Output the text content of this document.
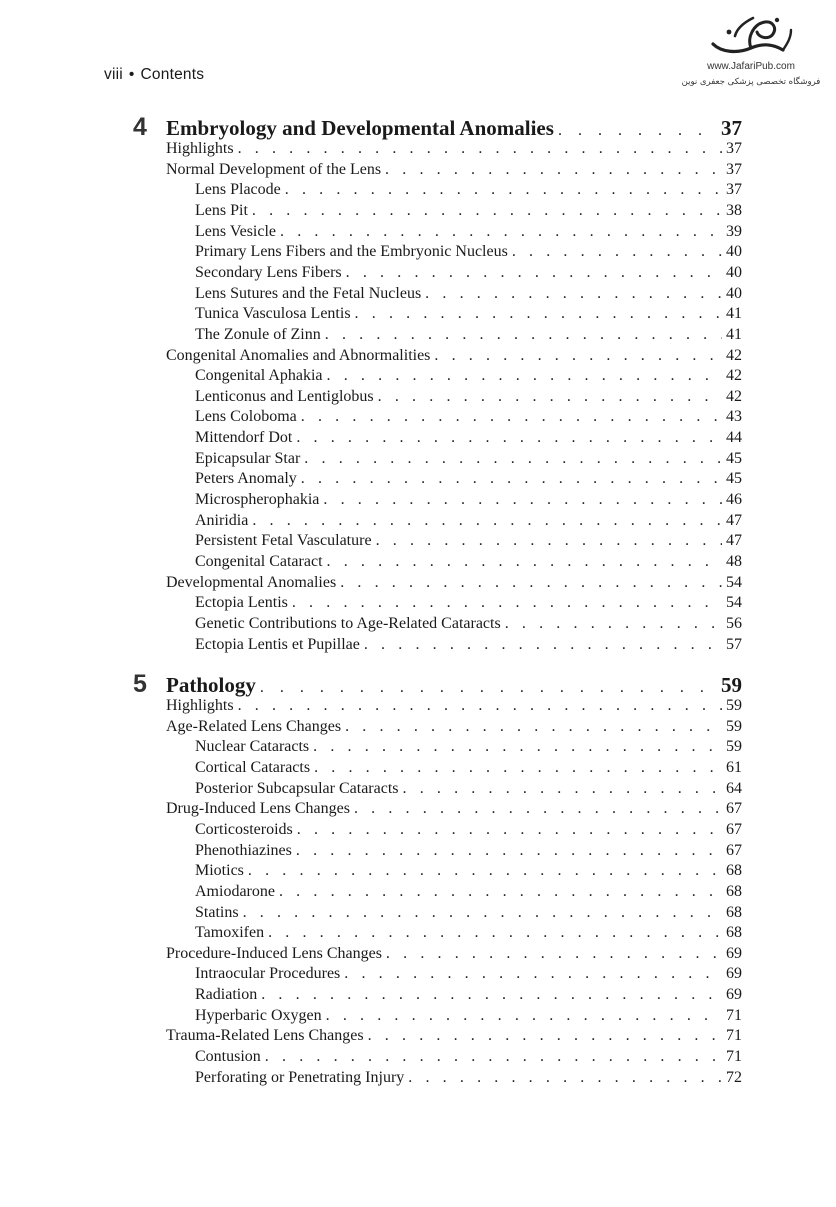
viii • Contents	www.JafariPub.com
فروشگاه تخصصی پزشکی جعفری نوین
4 Embryology and Developmental Anomalies . . .	37
Highlights . . .	37
Normal Development of the Lens . . .	37
Lens Placode . . .	37
Lens Pit . . .	38
Lens Vesicle . . .	39
Primary Lens Fibers and the Embryonic Nucleus . . .	40
Secondary Lens Fibers . . .	40
Lens Sutures and the Fetal Nucleus . . .	40
Tunica Vasculosa Lentis . . .	41
The Zonule of Zinn . . .	41
Congenital Anomalies and Abnormalities . . .	42
Congenital Aphakia . . .	42
Lenticonus and Lentiglobus . . .	42
Lens Coloboma . . .	43
Mittendorf Dot . . .	44
Epicapsular Star . . .	45
Peters Anomaly . . .	45
Microspherophakia . . .	46
Aniridia . . .	47
Persistent Fetal Vasculature . . .	47
Congenital Cataract . . .	48
Developmental Anomalies . . .	54
Ectopia Lentis . . .	54
Genetic Contributions to Age-Related Cataracts . . .	56
Ectopia Lentis et Pupillae . . .	57
5 Pathology . . .	59
Highlights . . .	59
Age-Related Lens Changes . . .	59
Nuclear Cataracts . . .	59
Cortical Cataracts . . .	61
Posterior Subcapsular Cataracts . . .	64
Drug-Induced Lens Changes . . .	67
Corticosteroids . . .	67
Phenothiazines . . .	67
Miotics . . .	68
Amiodarone . . .	68
Statins . . .	68
Tamoxifen . . .	68
Procedure-Induced Lens Changes . . .	69
Intraocular Procedures . . .	69
Radiation . . .	69
Hyperbaric Oxygen . . .	71
Trauma-Related Lens Changes . . .	71
Contusion . . .	71
Perforating or Penetrating Injury . . .	72
